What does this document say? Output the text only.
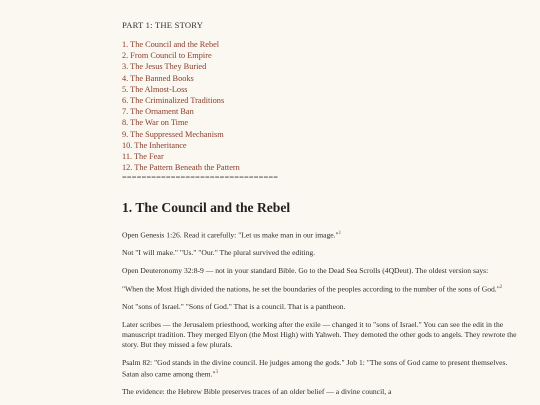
PART 1: THE STORY
1. The Council and the Rebel
2. From Council to Empire
3. The Jesus They Buried
4. The Banned Books
5. The Almost-Loss
6. The Criminalized Traditions
7. The Ornament Ban
8. The War on Time
9. The Suppressed Mechanism
10. The Inheritance
11. The Fear
12. The Pattern Beneath the Pattern
================================
1. The Council and the Rebel

Open Genesis 1:26. Read it carefully: "Let us make man in our image."$^1$

Not "I will make." "Us." "Our." The plural survived the editing.

Open Deuteronomy 32:8-9 — not in your standard Bible. Go to the Dead Sea Scrolls (4QDeut). The oldest version says:

"When the Most High divided the nations, he set the boundaries of the peoples according to the number of the sons of God."$^2$

Not "sons of Israel." "Sons of God." That is a council. That is a pantheon.

Later scribes — the Jerusalem priesthood, working after the exile — changed it to "sons of Israel." You can see the edit in the manuscript tradition. They merged Elyon (the Most High) with Yahweh. They demoted the other gods to angels. They rewrote the story. But they missed a few plurals.

Psalm 82: "God stands in the divine council. He judges among the gods." Job 1: "The sons of God came to present themselves. Satan also came among them."$^3$

The evidence: the Hebrew Bible preserves traces of an older belief — a divine council, a
